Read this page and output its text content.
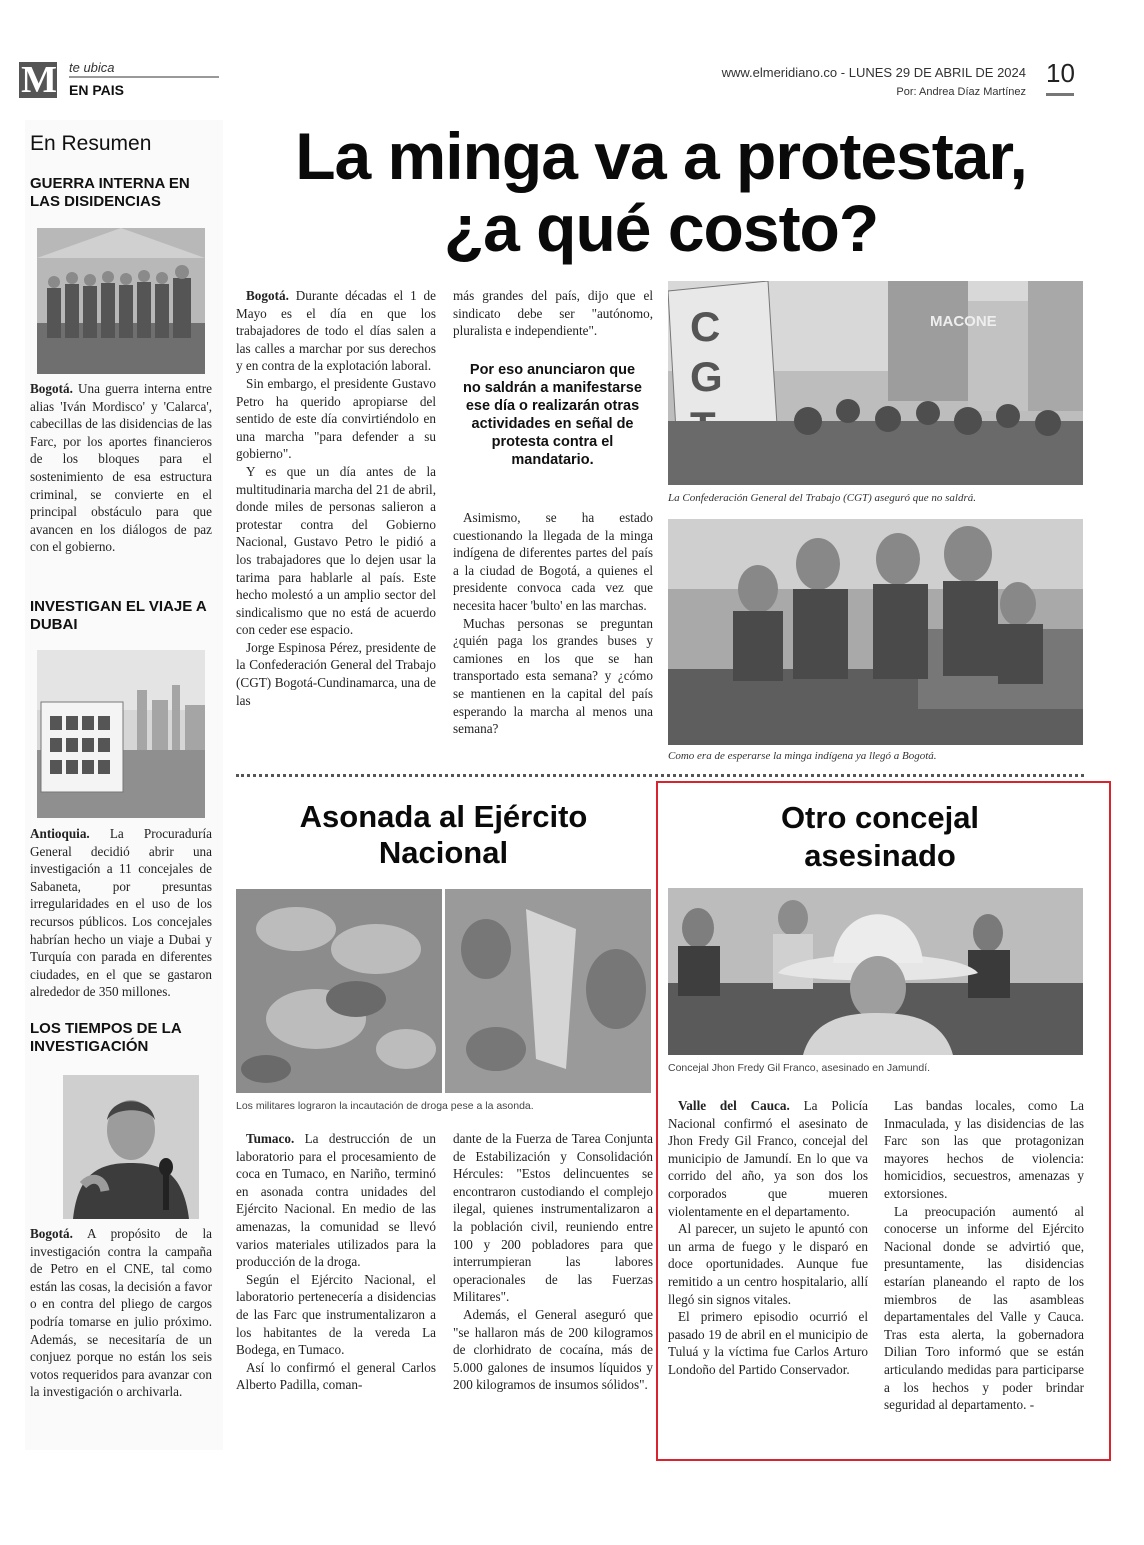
M te ubica
EN PAIS
www.elmeridiano.co - LUNES 29 DE ABRIL DE 2024
Por: Andrea Díaz Martínez
10
En Resumen
GUERRA INTERNA EN LAS DISIDENCIAS

Bogotá. Una guerra interna entre alias 'Iván Mordisco' y 'Calarca', cabecillas de las disidencias de las Farc, por los aportes financieros de los bloques para el sostenimiento de esa estructura criminal, se convierte en el principal obstáculo para que avancen en los diálogos de paz con el gobierno.

INVESTIGAN EL VIAJE A DUBAI

Antioquia. La Procuraduría General decidió abrir una investigación a 11 concejales de Sabaneta, por presuntas irregularidades en el uso de los recursos públicos. Los concejales habrían hecho un viaje a Dubai y Turquía con parada en diferentes ciudades, en el que se gastaron alrededor de 350 millones.

LOS TIEMPOS DE LA INVESTIGACIÓN

Bogotá. A propósito de la investigación contra la campaña de Petro en el CNE, tal como están las cosas, la decisión a favor o en contra del pliego de cargos podría tomarse en julio próximo. Además, se necesitaría de un conjuez porque no están los seis votos requeridos para avanzar con la investigación o archivarla.

La minga va a protestar,
¿a qué costo?

Bogotá. Durante décadas el 1 de Mayo es el día en que los trabajadores de todo el días salen a las calles a marchar por sus derechos y en contra de la explotación laboral.

Sin embargo, el presidente Gustavo Petro ha querido apropiarse del sentido de este día convirtiéndolo en una marcha "para defender a su gobierno".

Y es que un día antes de la multitudinaria marcha del 21 de abril, donde miles de personas salieron a protestar contra del Gobierno Nacional, Gustavo Petro le pidió a los trabajadores que lo dejen usar la tarima para hablarle al país. Este hecho molestó a un amplio sector del sindicalismo que no está de acuerdo con ceder ese espacio.

Jorge Espinosa Pérez, presidente de la Confederación General del Trabajo (CGT) Bogotá-Cundinamarca, una de las

más grandes del país, dijo que el sindicato debe ser "autónomo, pluralista e independiente".

Por eso anunciaron que no saldrán a manifestarse ese día o realizarán otras actividades en señal de protesta contra el mandatario.

Asimismo, se ha estado cuestionando la llegada de la minga indígena de diferentes partes del país a la ciudad de Bogotá, a quienes el presidente convoca cada vez que necesita hacer 'bulto' en las marchas.

Muchas personas se preguntan ¿quién paga los grandes buses y camiones en los que se han transportado esta semana? y ¿cómo se mantienen en la capital del país esperando la marcha al menos una semana?

C
G
MACONE
La Confederación General del Trabajo (CGT) aseguró que no saldrá.
Como era de esperarse la minga indígena ya llegó a Bogotá.
Asonada al Ejército
Nacional
Los militares lograron la incautación de droga pese a la asonda.

Tumaco. La destrucción de un laboratorio para el procesamiento de coca en Tumaco, en Nariño, terminó en asonada contra unidades del Ejército Nacional. En medio de las amenazas, la comunidad se llevó varios materiales utilizados para la producción de la droga.

Según el Ejército Nacional, el laboratorio pertenecería a disidencias de las Farc que instrumentalizaron a los habitantes de la vereda La Bodega, en Tumaco.

Así lo confirmó el general Carlos Alberto Padilla, coman-

dante de la Fuerza de Tarea Conjunta de Estabilización y Consolidación Hércules: "Estos delincuentes se encontraron custodiando el complejo ilegal, quienes instrumentalizaron a la población civil, reuniendo entre 100 y 200 pobladores para que interrumpieran las labores operacionales de las Fuerzas Militares".

Además, el General aseguró que "se hallaron más de 200 kilogramos de clorhidrato de cocaína, más de 5.000 galones de insumos líquidos y 200 kilogramos de insumos sólidos".

Otro concejal
asesinado
Concejal Jhon Fredy Gil Franco, asesinado en Jamundí.

Valle del Cauca. La Policía Nacional confirmó el asesinato de Jhon Fredy Gil Franco, concejal del municipio de Jamundí. En lo que va corrido del año, ya son dos los corporados que mueren violentamente en el departamento.

Al parecer, un sujeto le apuntó con un arma de fuego y le disparó en doce oportunidades. Aunque fue remitido a un centro hospitalario, allí llegó sin signos vitales.

El primero episodio ocurrió el pasado 19 de abril en el municipio de Tuluá y la víctima fue Carlos Arturo Londoño del Partido Conservador.

Las bandas locales, como La Inmaculada, y las disidencias de las Farc son las que protagonizan mayores hechos de violencia: homicidios, secuestros, amenazas y extorsiones.

La preocupación aumentó al conocerse un informe del Ejército Nacional donde se advirtió que, presuntamente, las disidencias estarían planeando el rapto de los miembros de las asambleas departamentales del Valle y Cauca. Tras esta alerta, la gobernadora Dilian Toro informó que se están articulando medidas para participarse a los hechos y poder brindar seguridad al departamento. -
